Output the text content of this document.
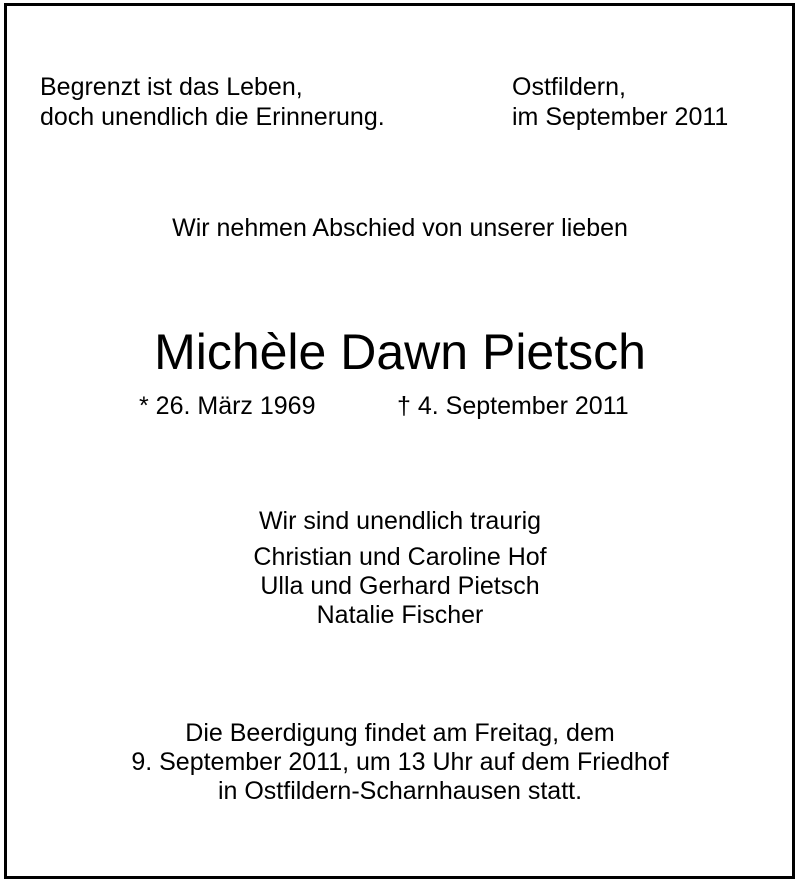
Begrenzt ist das Leben,
doch unendlich die Erinnerung.
Ostfildern,
im September 2011
Wir nehmen Abschied von unserer lieben
Michèle Dawn Pietsch
* 26. März 1969	† 4. September 2011
Wir sind unendlich traurig
Christian und Caroline Hof
Ulla und Gerhard Pietsch
Natalie Fischer
Die Beerdigung findet am Freitag, dem
9. September 2011, um 13 Uhr auf dem Friedhof
in Ostfildern-Scharnhausen statt.
